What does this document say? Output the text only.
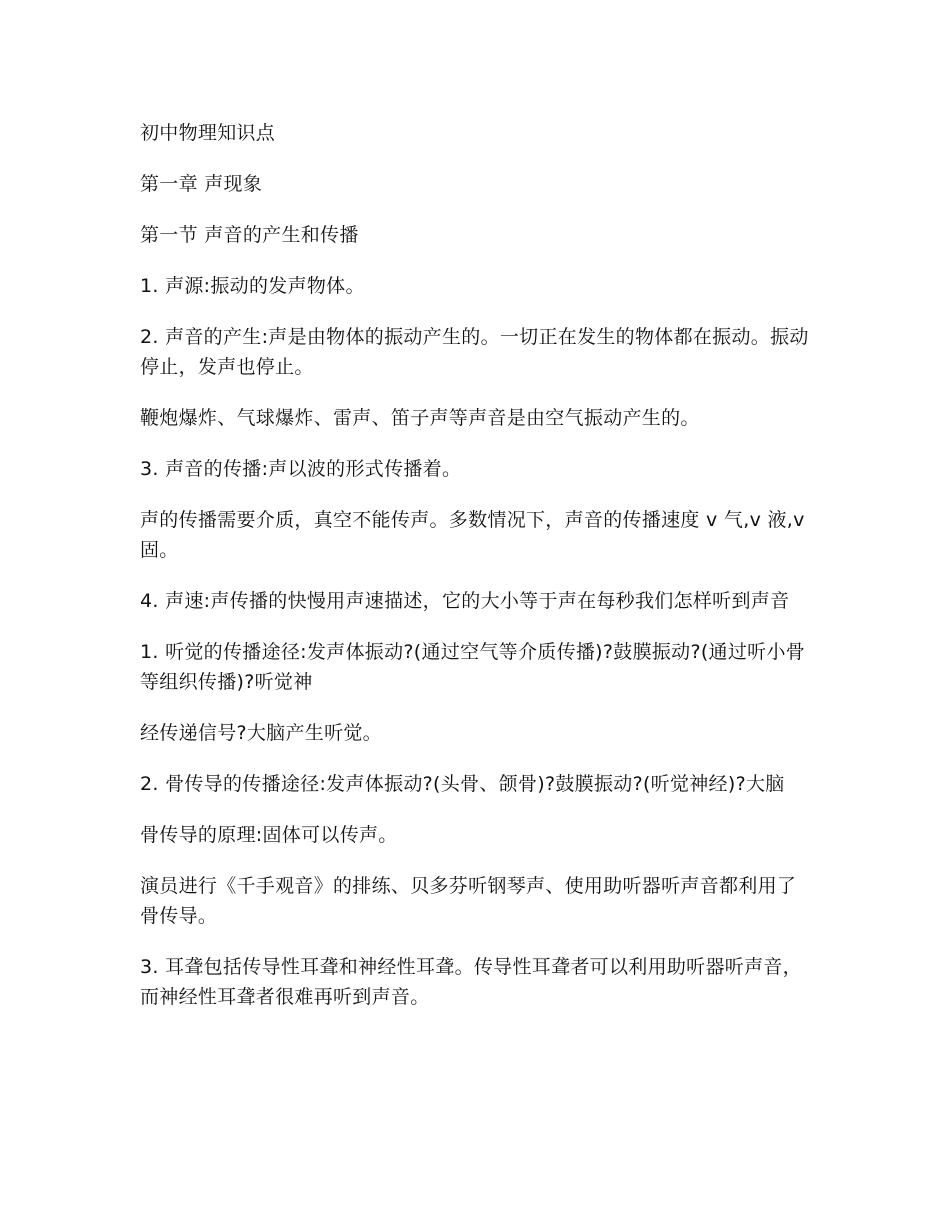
初中物理知识点

第一章 声现象

第一节 声音的产生和传播

1. 声源:振动的发声物体。

2. 声音的产生:声是由物体的振动产生的。一切正在发生的物体都在振动。振动停止，发声也停止。

鞭炮爆炸、气球爆炸、雷声、笛子声等声音是由空气振动产生的。

3. 声音的传播:声以波的形式传播着。

声的传播需要介质，真空不能传声。多数情况下，声音的传播速度 v 气,v 液,v 固。

4. 声速:声传播的快慢用声速描述，它的大小等于声在每秒我们怎样听到声音

1. 听觉的传播途径:发声体振动?(通过空气等介质传播)?鼓膜振动?(通过听小骨等组织传播)?听觉神

经传递信号?大脑产生听觉。

2. 骨传导的传播途径:发声体振动?(头骨、颌骨)?鼓膜振动?(听觉神经)?大脑

骨传导的原理:固体可以传声。

演员进行《千手观音》的排练、贝多芬听钢琴声、使用助听器听声音都利用了骨传导。

3. 耳聋包括传导性耳聋和神经性耳聋。传导性耳聋者可以利用助听器听声音，而神经性耳聋者很难再听到声音。
